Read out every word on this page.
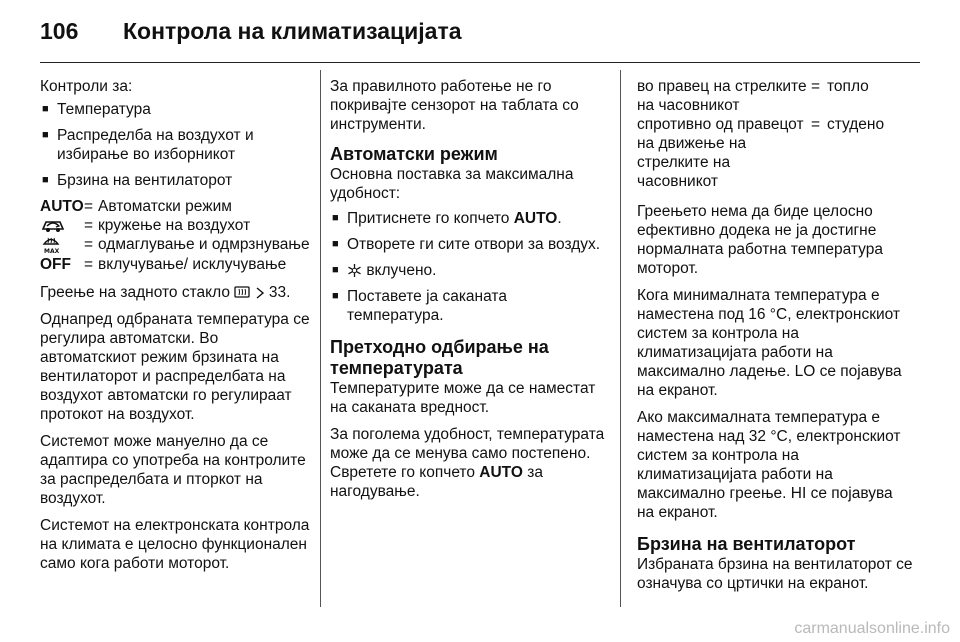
106 Контрола на климатизацијата

Контроли за:

■ Температура
■ Распределба на воздухот и избирање во изборникот
■ Брзина на вентилаторот
AUTO = Автоматски режим
= кружење на воздухот
MAX = одмаглување и одмрзнување
OFF = вклучување/ исклучување

Греење на задното стакло	33.

Однапред одбраната температура се регулира автоматски. Во автоматскиот режим брзината на вентилаторот и распределбата на воздухот автоматски го регулираат протокот на воздухот.

Системот може мануелно да се адаптира со употреба на контролите за распределбата и пторкот на воздухот.

Системот на електронската контрола на климата е целосно функционален само кога работи моторот.

За правилното работење не го покривајте сензорот на таблата со инструменти.

Автоматски режим

Основна поставка за максимална удобност:

■ Притиснете го копчето AUTO.
■ Отворете ги сите отвори за воздух.
■ вклучено.
■ Поставете ја саканата температура.
Претходно одбирање на температурата

Температурите може да се наместат на саканата вредност.

За поголема удобност, температурата може да се менува само постепено. Свретете го копчето AUTO за нагодување.

во правец на стрелките на часовникот
= топло
спротивно од правецот на движење на стрелките на часовникот
= студено

Греењето нема да биде целосно ефективно додека не ја достигне нормалната работна температура моторот.

Кога минималната температура е наместена под 16 °C, електронскиот систем за контрола на климатизацијата работи на максимално ладење. LO се појавува на екранот.

Ако максималната температура е наместена над 32 °C, електронскиот систем за контрола на климатизацијата работи на максимално греење. HI се појавува на екранот.

Брзина на вентилаторот

Избраната брзина на вентилаторот се означува со цртички на екранот.

carmanualsonline.info
